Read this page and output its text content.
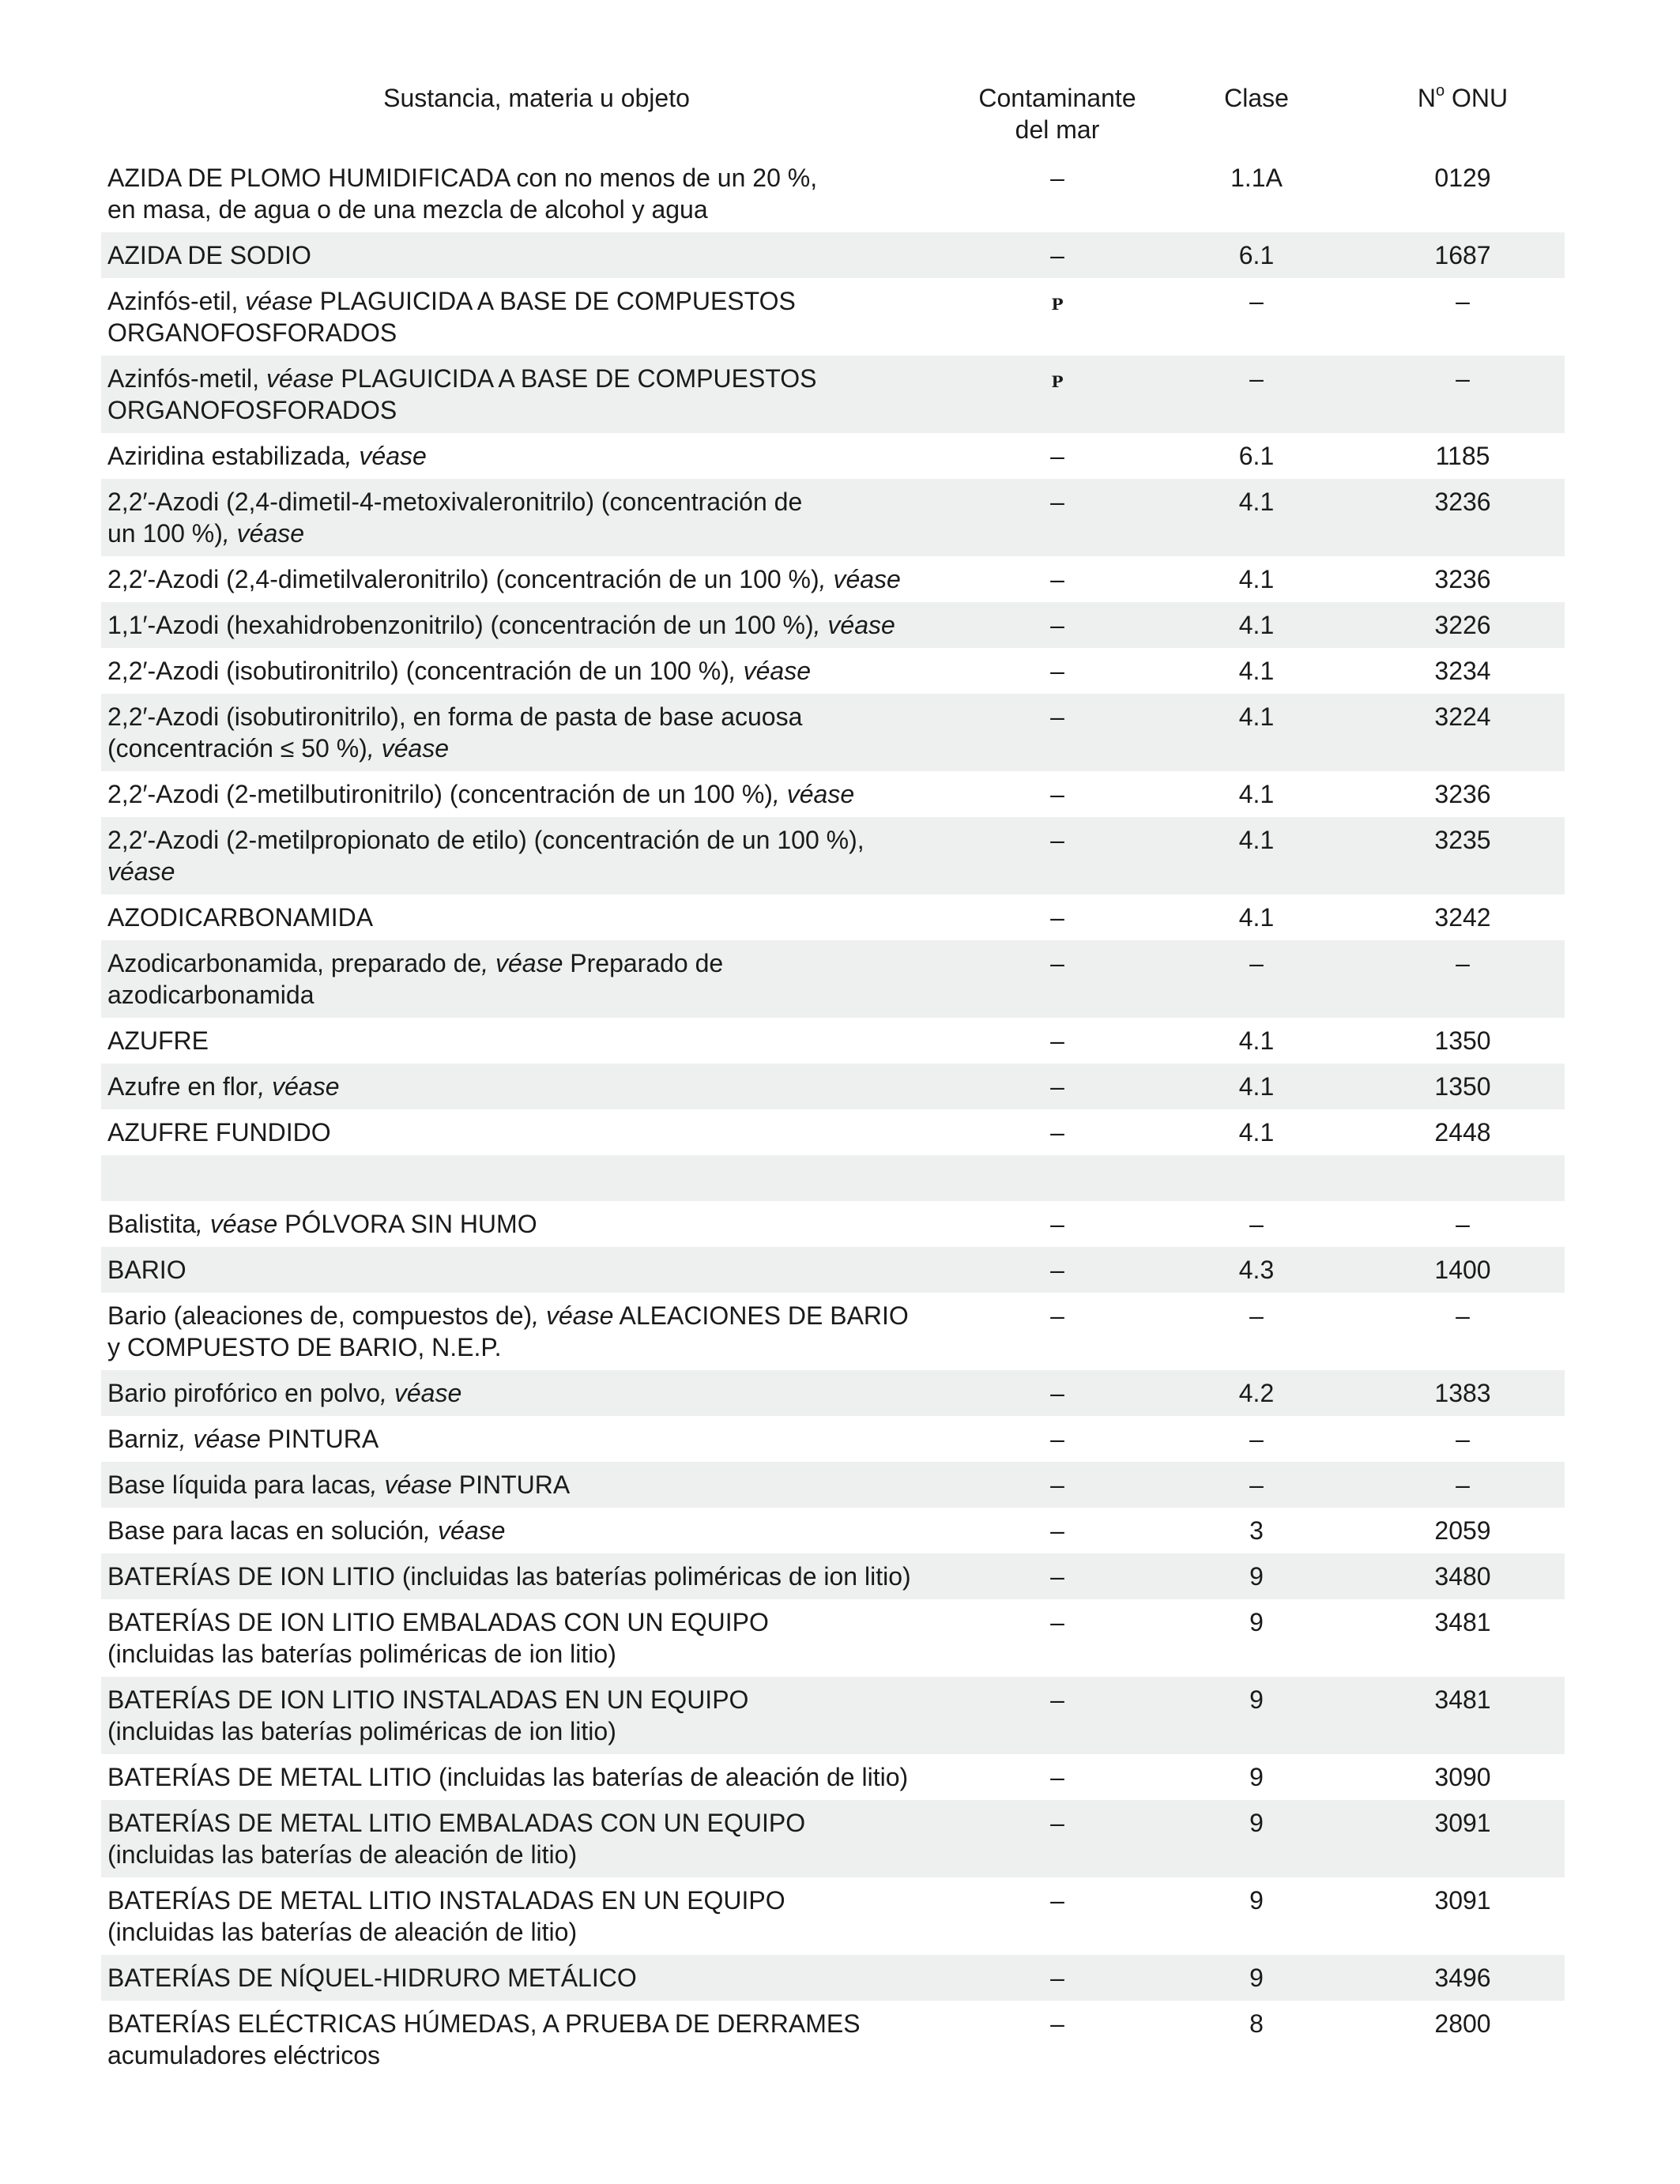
Sustancia, materia u objeto	Contaminante
del mar	Clase	$N^o$ ONU

AZIDA DE PLOMO HUMIDIFICADA con no menos de un 20 %,
en masa, de agua o de una mezcla de alcohol y agua	–	1.1A	0129

AZIDA DE SODIO	–	6.1	1687

Azinfós-etil, véase PLAGUICIDA A BASE DE COMPUESTOS
ORGANOFOSFORADOS	P	–	–

Azinfós-metil, véase PLAGUICIDA A BASE DE COMPUESTOS
ORGANOFOSFORADOS	P	–	–

Aziridina estabilizada, véase	–	6.1	1185

2,2′-Azodi (2,4-dimetil-4-metoxivaleronitrilo) (concentración de
un 100 %), véase	–	4.1	3236

2,2′-Azodi (2,4-dimetilvaleronitrilo) (concentración de un 100 %), véase	–	4.1	3236

1,1′-Azodi (hexahidrobenzonitrilo) (concentración de un 100 %), véase	–	4.1	3226

2,2′-Azodi (isobutironitrilo) (concentración de un 100 %), véase	–	4.1	3234

2,2′-Azodi (isobutironitrilo), en forma de pasta de base acuosa
(concentración ≤ 50 %), véase	–	4.1	3224

2,2′-Azodi (2-metilbutironitrilo) (concentración de un 100 %), véase	–	4.1	3236

2,2′-Azodi (2-metilpropionato de etilo) (concentración de un 100 %),
véase	–	4.1	3235

AZODICARBONAMIDA	–	4.1	3242

Azodicarbonamida, preparado de, véase Preparado de
azodicarbonamida	–	–	–

AZUFRE	–	4.1	1350

Azufre en flor, véase	–	4.1	1350

AZUFRE FUNDIDO	–	4.1	2448

Balistita, véase PÓLVORA SIN HUMO	–	–	–

BARIO	–	4.3	1400

Bario (aleaciones de, compuestos de), véase ALEACIONES DE BARIO
y COMPUESTO DE BARIO, N.E.P.	–	–	–

Bario pirofórico en polvo, véase	–	4.2	1383

Barniz, véase PINTURA	–	–	–

Base líquida para lacas, véase PINTURA	–	–	–

Base para lacas en solución, véase	–	3	2059

BATERÍAS DE ION LITIO (incluidas las baterías poliméricas de ion litio)	–	9	3480

BATERÍAS DE ION LITIO EMBALADAS CON UN EQUIPO
(incluidas las baterías poliméricas de ion litio)	–	9	3481

BATERÍAS DE ION LITIO INSTALADAS EN UN EQUIPO
(incluidas las baterías poliméricas de ion litio)	–	9	3481

BATERÍAS DE METAL LITIO (incluidas las baterías de aleación de litio)	–	9	3090

BATERÍAS DE METAL LITIO EMBALADAS CON UN EQUIPO
(incluidas las baterías de aleación de litio)	–	9	3091

BATERÍAS DE METAL LITIO INSTALADAS EN UN EQUIPO
(incluidas las baterías de aleación de litio)	–	9	3091

BATERÍAS DE NÍQUEL-HIDRURO METÁLICO	–	9	3496

BATERÍAS ELÉCTRICAS HÚMEDAS, A PRUEBA DE DERRAMES
acumuladores eléctricos	–	8	2800
